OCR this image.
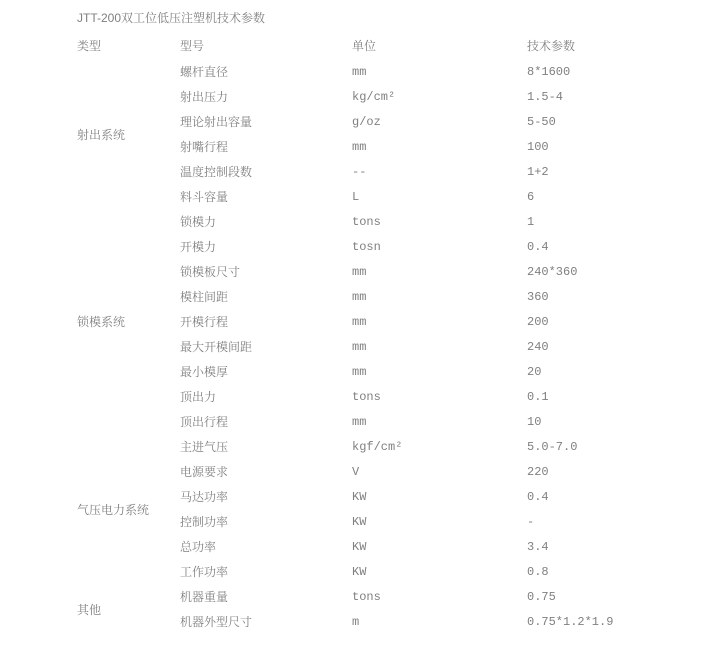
JTT-200双工位低压注塑机技术参数
类型	型号	单位	技术参数
射出系统	螺杆直径	mm	8*1600
	射出压力	kg/cm²	1.5-4
	理论射出容量	g/oz	5-50
	射嘴行程	mm	100
	温度控制段数	--	1+2
	料斗容量	L	6
锁模系统	锁模力	tons	1
	开模力	tosn	0.4
	锁模板尺寸	mm	240*360
	模柱间距	mm	360
	开模行程	mm	200
	最大开模间距	mm	240
	最小模厚	mm	20
	顶出力	tons	0.1
	顶出行程	mm	10
气压电力系统	主进气压	kgf/cm²	5.0-7.0
	电源要求	V	220
	马达功率	KW	0.4
	控制功率	KW	-
	总功率	KW	3.4
	工作功率	KW	0.8
其他	机器重量	tons	0.75
	机器外型尺寸	m	0.75*1.2*1.9
